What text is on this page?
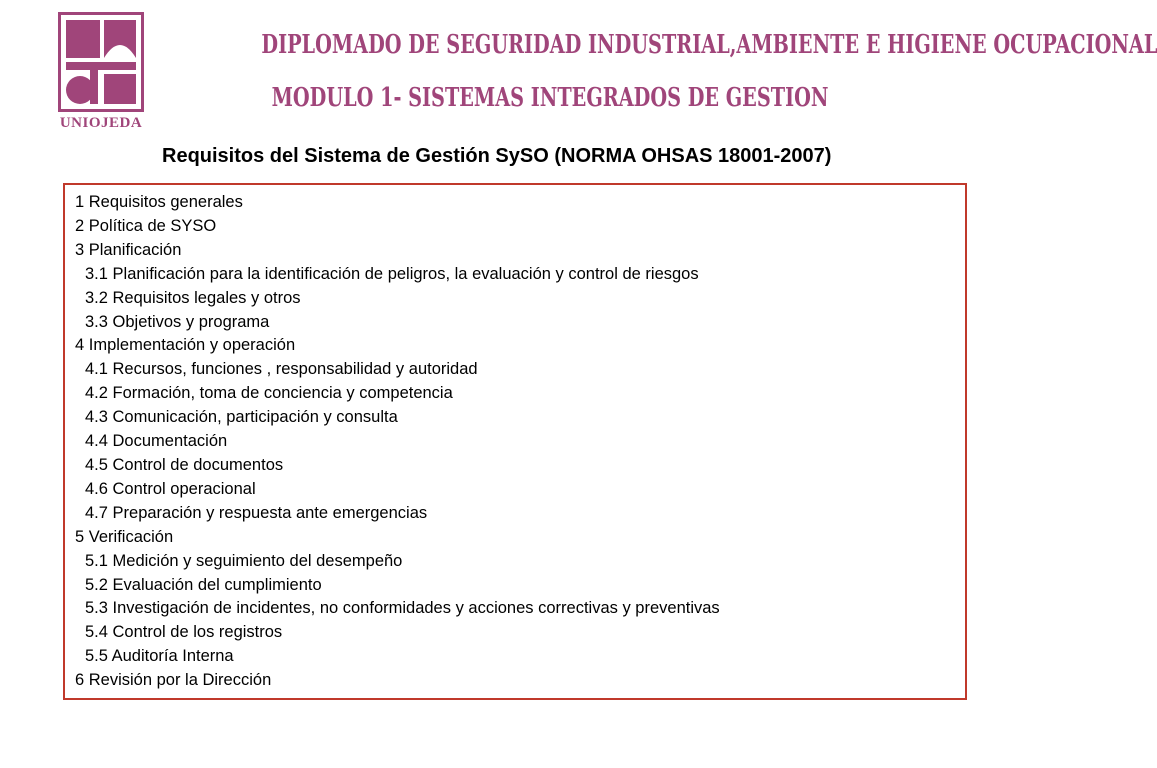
UNIOJEDA
DIPLOMADO DE SEGURIDAD INDUSTRIAL,AMBIENTE E HIGIENE OCUPACIONAL
MODULO 1- SISTEMAS INTEGRADOS DE GESTION
Requisitos del Sistema de Gestión SySO (NORMA OHSAS 18001-2007)
1 Requisitos generales
2 Política de SYSO
3 Planificación
3.1 Planificación para la identificación de peligros, la evaluación y control de riesgos
3.2 Requisitos legales y otros
3.3 Objetivos y programa
4 Implementación y operación
4.1 Recursos, funciones , responsabilidad y autoridad
4.2 Formación, toma de conciencia y competencia
4.3 Comunicación, participación y consulta
4.4 Documentación
4.5 Control de documentos
4.6 Control operacional
4.7 Preparación y respuesta ante emergencias
5 Verificación
5.1 Medición y seguimiento del desempeño
5.2 Evaluación del cumplimiento
5.3 Investigación de incidentes, no conformidades y acciones correctivas y preventivas
5.4 Control de los registros
5.5 Auditoría Interna
6 Revisión por la Dirección
